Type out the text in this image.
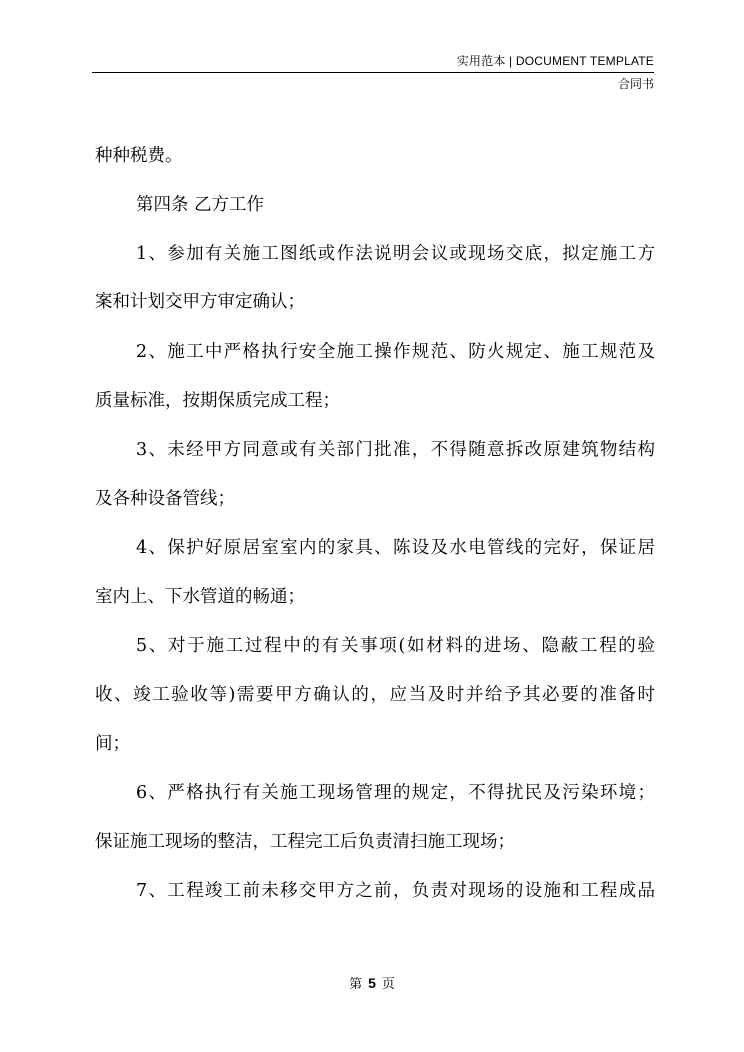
实用范本 | DOCUMENT TEMPLATE
合同书
种种税费。
第四条 乙方工作
1、参加有关施工图纸或作法说明会议或现场交底，拟定施工方
案和计划交甲方审定确认；
2、施工中严格执行安全施工操作规范、防火规定、施工规范及
质量标准，按期保质完成工程；
3、未经甲方同意或有关部门批准，不得随意拆改原建筑物结构
及各种设备管线；
4、保护好原居室室内的家具、陈设及水电管线的完好，保证居
室内上、下水管道的畅通；
5、对于施工过程中的有关事项(如材料的进场、隐蔽工程的验
收、竣工验收等)需要甲方确认的，应当及时并给予其必要的准备时
间；
6、严格执行有关施工现场管理的规定，不得扰民及污染环境；
保证施工现场的整洁，工程完工后负责清扫施工现场；
7、工程竣工前未移交甲方之前，负责对现场的设施和工程成品
第 5 页
